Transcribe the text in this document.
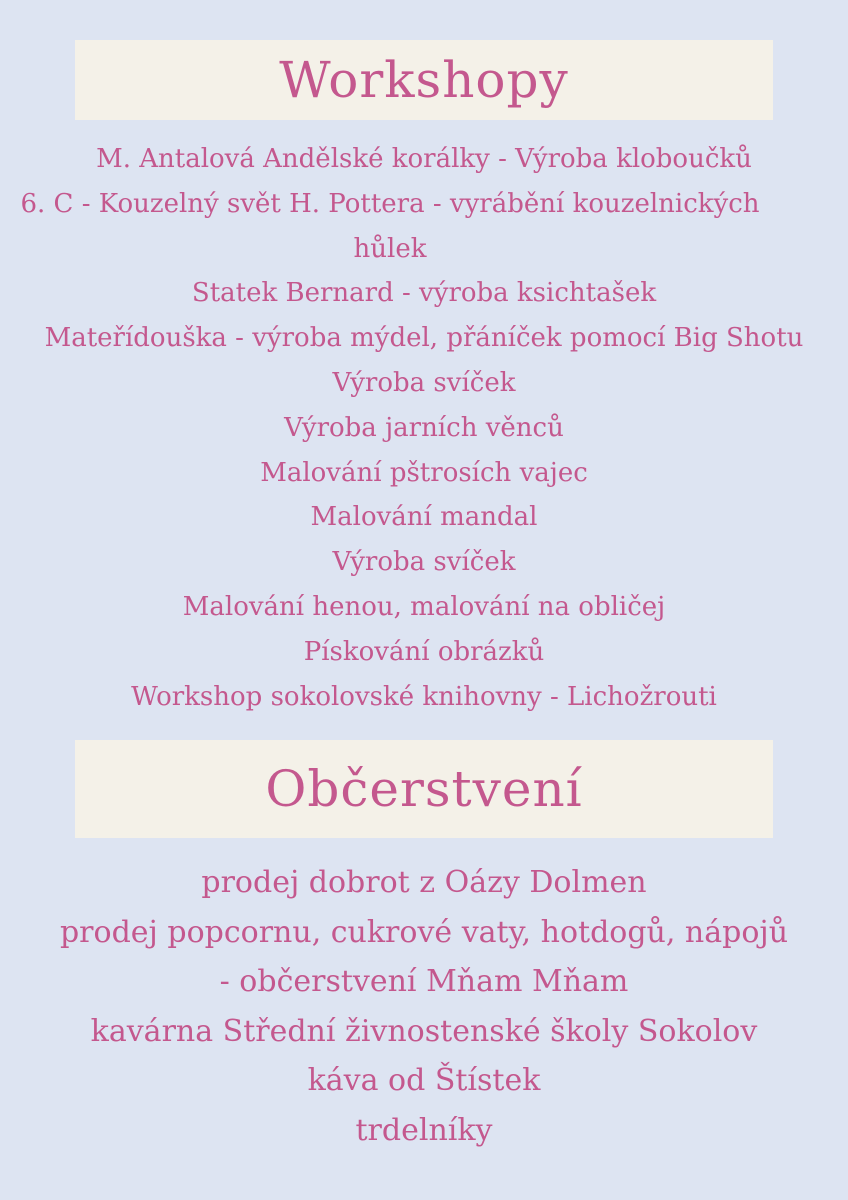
Workshopy
M. Antalová Andělské korálky - Výroba kloboučků
6. C - Kouzelný svět H. Pottera - vyrábění kouzelnických hůlek
Statek Bernard - výroba ksichtašek
Mateřídouška - výroba mýdel, přáníček pomocí Big Shotu
Výroba svíček
Výroba jarních věnců
Malování pštrosích vajec
Malování mandal
Výroba svíček
Malování henou, malování na obličej
Pískování obrázků
Workshop sokolovské knihovny - Lichožrouti
Občerstvení
prodej dobrot z Oázy Dolmen
prodej popcornu, cukrové vaty, hotdogů, nápojů
- občerstvení Mňam Mňam
kavárna Střední živnostenské školy Sokolov
káva od Štístek
trdelníky
